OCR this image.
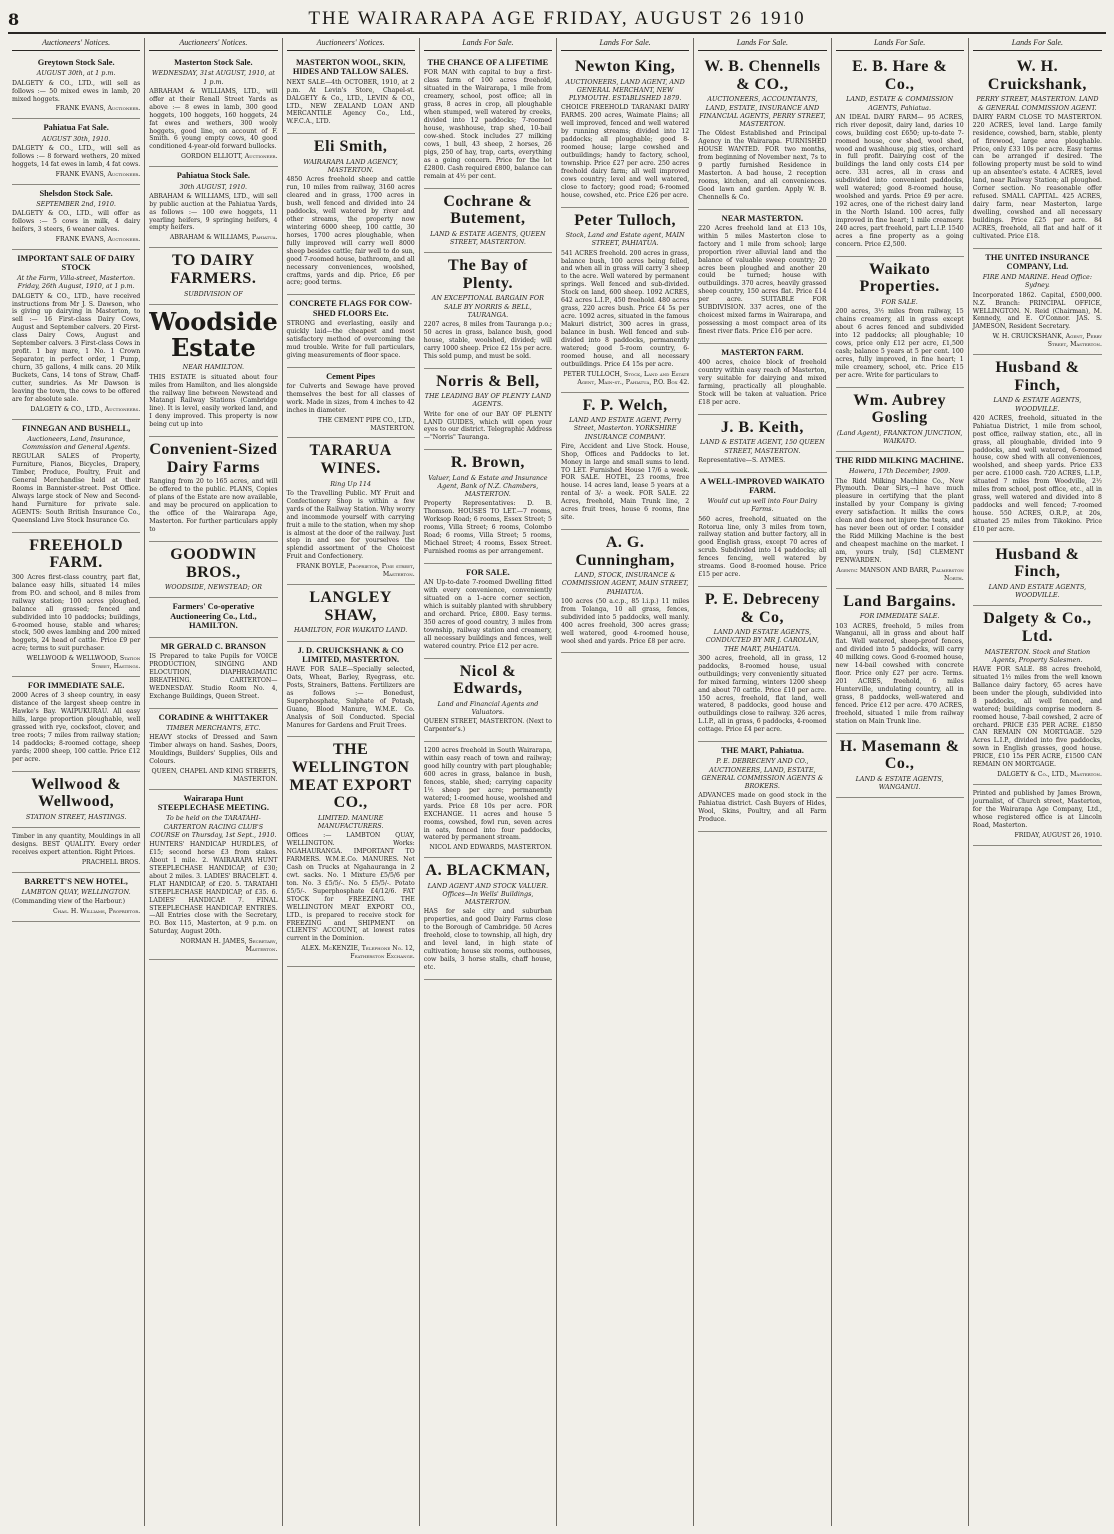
8	THE WAIRARAPA AGE FRIDAY, AUGUST 26 1910
Auctioneers' Notices.
Greytown Stock Sale.
AUGUST 30th, at 1 p.m.
DALGETY & CO., LTD., will sell as follows :— 50 mixed ewes in lamb, 20 mixed hoggets.
FRANK EVANS, Auctioneer.
Pahiatua Fat Sale.
AUGUST 30th, 1910.
DALGETY & CO., LTD., will sell as follows :— 8 forward wethers, 20 mixed hoggets, 14 fat ewes in lamb, 4 fat cows.
FRANK EVANS, Auctioneer.
Shelsdon Stock Sale.
SEPTEMBER 2nd, 1910.
DALGETY & CO., LTD., will offer as follows :— 5 cows in milk, 4 dairy heifers, 3 steers, 6 weaner calves.
FRANK EVANS, Auctioneer.
IMPORTANT SALE OF DAIRY STOCK
At the Farm, Villa-street, Masterton. Friday, 26th August, 1910, at 1 p.m.
DALGETY & CO., LTD., have received instructions from Mr J. S. Dawson, who is giving up dairying in Masterton, to sell :— 16 First-class Dairy Cows, August and September calvers. 20 First-class Dairy Cows, August and September calvers. 3 First-class Cows in profit. 1 bay mare, 1 No. 1 Crown Separator, in perfect order, 1 Pump, churn, 35 gallons, 4 milk cans. 20 Milk Buckets, Cans, 14 tons of Straw, Chaff-cutter, sundries. As Mr Dawson is leaving the town, the cows to be offered are for absolute sale.
DALGETY & CO., LTD., Auctioneers.
FINNEGAN AND BUSHELL,
Auctioneers, Land, Insurance, Commission and General Agents.
REGULAR SALES of Property, Furniture, Pianos, Bicycles, Drapery, Timber, Produce, Poultry, Fruit and General Merchandise held at their Rooms in Bannister-street. Post Office. Always large stock of New and Second-hand Furniture for private sale. AGENTS: South British Insurance Co., Queensland Live Stock Insurance Co.
FREEHOLD FARM.
300 Acres first-class country, part flat, balance easy hills, situated 14 miles from P.O. and school, and 8 miles from railway station; 100 acres ploughed, balance all grassed; fenced and subdivided into 10 paddocks; buildings, 6-roomed house, stable and whares; stock, 500 ewes lambing and 200 mixed hoggets, 24 head of cattle. Price £9 per acre; terms to suit purchaser.
WELLWOOD & WELLWOOD, Station Street, Hastings.
FOR IMMEDIATE SALE.
2000 Acres of 3 sheep country, in easy distance of the largest sheep centre in Hawke's Bay. WAIPUKURAU. All easy hills, large proportion ploughable, well grassed with rye, cocksfoot, clover, and tree roots; 7 miles from railway station; 14 paddocks; 8-roomed cottage, sheep yards; 2000 sheep, 100 cattle. Price £12 per acre.
Wellwood & Wellwood,
STATION STREET, HASTINGS.
Timber in any quantity, Mouldings in all designs. BEST QUALITY. Every order receives expert attention. Right Prices.
PRACHELL BROS.
BARRETT'S NEW HOTEL,
LAMBTON QUAY, WELLINGTON.
(Commanding view of the Harbour.)
Chas. H. Williams, Proprietor.
Auctioneers' Notices.
Masterton Stock Sale.
WEDNESDAY, 31st AUGUST, 1910, at 1 p.m.
ABRAHAM & WILLIAMS, LTD., will offer at their Renall Street Yards as above :— 8 ewes in lamb, 300 good hoggets, 100 hoggets, 160 hoggets, 24 fat ewes and wethers, 300 wooly hoggets, good line, on account of F. Smith. 6 young empty cows, 40 good conditioned 4-year-old forward bullocks.
GORDON ELLIOTT, Auctioneer.
Pahiatua Stock Sale.
30th AUGUST, 1910.
ABRAHAM & WILLIAMS, LTD., will sell by public auction at the Pahiatua Yards, as follows :— 100 ewe hoggets, 11 yearling heifers, 9 springing heifers, 4 empty heifers.
ABRAHAM & WILLIAMS, Pahiatua.
TO DAIRY FARMERS.
SUBDIVISION OF
Woodside Estate
NEAR HAMILTON.
THIS ESTATE is situated about four miles from Hamilton, and lies alongside the railway line between Newstead and Matangi Railway Stations (Cambridge line). It is level, easily worked land, and I deny improved. This property is now being cut up into
Convenient-Sized Dairy Farms
Ranging from 20 to 165 acres, and will be offered to the public. PLANS, Copies of plans of the Estate are now available, and may be procured on application to the office of the Wairarapa Age, Masterton. For further particulars apply to
GOODWIN BROS.,
WOODSIDE, NEWSTEAD; OR
Farmers' Co-operative Auctioneering Co., Ltd., HAMILTON.
MR GERALD C. BRANSON
IS Prepared to take Pupils for VOICE PRODUCTION, SINGING AND ELOCUTION, DIAPHRAGMATIC BREATHING. CARTERTON—WEDNESDAY. Studio Room No. 4, Exchange Buildings, Queen Street.
CORADINE & WHITTAKER
TIMBER MERCHANTS, ETC.
HEAVY stocks of Dressed and Sawn Timber always on hand. Sashes, Doors, Mouldings, Builders' Supplies, Oils and Colours.
QUEEN, CHAPEL AND KING STREETS, MASTERTON.
Wairarapa Hunt STEEPLECHASE MEETING.
To be held on the TARATAHI-CARTERTON RACING CLUB'S COURSE on Thursday, 1st Sept., 1910.
HUNTERS' HANDICAP HURDLES, of £15; second horse £3 from stakes. About 1 mile. 2. WAIRARAPA HUNT STEEPLECHASE HANDICAP, of £30; about 2 miles. 3. LADIES' BRACELET. 4. FLAT HANDICAP, of £20. 5. TARATAHI STEEPLECHASE HANDICAP, of £35. 6. LADIES' HANDICAP. 7. FINAL STEEPLECHASE HANDICAP. ENTRIES.—All Entries close with the Secretary, P.O. Box 115, Masterton, at 9 p.m. on Saturday, August 20th.
NORMAN H. JAMES, Secretary, Masterton.
Auctioneers' Notices.
MASTERTON WOOL, SKIN, HIDES AND TALLOW SALES.
NEXT SALE—4th OCTOBER, 1910, at 2 p.m. At Levin's Store, Chapel-st. DALGETY & Co., LTD., LEVIN & CO., LTD., NEW ZEALAND LOAN AND MERCANTILE Agency Co., Ltd., W.F.C.A., LTD.
Eli Smith,
WAIRARAPA LAND AGENCY, MASTERTON.
4850 Acres freehold sheep and cattle run, 10 miles from railway, 3160 acres cleared and in grass, 1700 acres in bush, well fenced and divided into 24 paddocks, well watered by river and other streams, the property now wintering 6000 sheep, 100 cattle, 30 horses, 1700 acres ploughable, when fully improved will carry well 8000 sheep besides cattle; fair well to do sun, good 7-roomed house, bathroom, and all necessary conveniences, woolshed, craftms, yards and dip. Price, £6 per acre; good terms.
CONCRETE FLAGS FOR COW-SHED FLOORS Etc.
STRONG and everlasting, easily and quickly laid—the cheapest and most satisfactory method of overcoming the mud trouble. Write for full particulars, giving measurements of floor space.
Cement Pipes
for Culverts and Sewage have proved themselves the best for all classes of work. Made in sizes, from 4 inches to 42 inches in diameter.
THE CEMENT PIPE CO., LTD., MASTERTON.
TARARUA WINES.
Ring Up 114
To the Travelling Public. MY Fruit and Confectionery Shop is within a few yards of the Railway Station. Why worry and incommode yourself with carrying fruit a mile to the station, when my shop is almost at the door of the railway. Just step in and see for yourselves the splendid assortment of the Choicest Fruit and Confectionery.
FRANK BOYLE, Proprietor, Pine street, Masterton.
LANGLEY SHAW,
HAMILTON, FOR WAIKATO LAND.
J. D. CRUICKSHANK & CO LIMITED, MASTERTON.
HAVE FOR SALE—Specially selected, Oats, Wheat, Barley, Ryegrass, etc. Posts, Strainers, Battens. Fertilizers are as follows :— Bonedust, Superphosphate, Sulphate of Potash, Guano, Blood Manure, W.M.E. Co. Analysis of Soil Conducted. Special Manures for Gardens and Fruit Trees.
THE WELLINGTON MEAT EXPORT CO.,
LIMITED. MANURE MANUFACTURERS.
Offices :— LAMBTON QUAY, WELLINGTON. Works: NGAHAURANGA. IMPORTANT TO FARMERS. W.M.E.Co. MANURES. Net Cash on Trucks at Ngahauranga in 2 cwt. sacks. No. 1 Mixture £5/5/6 per ton. No. 3 £5/5/-. No. 5 £5/5/-. Potato £5/5/-. Superphosphate £4/12/6. FAT STOCK for FREEZING. THE WELLINGTON MEAT EXPORT CO., LTD., is prepared to receive stock for FREEZING and SHIPMENT on CLIENTS' ACCOUNT, at lowest rates current in the Dominion.
ALEX. McKENZIE, Telephone No. 12, Featherston Exchange.
Lands For Sale.
THE CHANCE OF A LIFETIME
FOR MAN with capital to buy a first-class farm of 100 acres freehold, situated in the Wairarapa, 1 mile from creamery, school, post office; all in grass, 8 acres in crop, all ploughable when stumped, well watered by creeks, divided into 12 paddocks; 7-roomed house, washhouse, trap shed, 10-bail cow-shed. Stock includes 27 milking cows, 1 bull, 43 sheep, 2 horses, 26 pigs, 250 of hay, trap, carts, everything as a going concern. Price for the lot £2800. Cash required £800, balance can remain at 4½ per cent.
Cochrane & Butement,
LAND & ESTATE AGENTS, QUEEN STREET, MASTERTON.
The Bay of Plenty.
AN EXCEPTIONAL BARGAIN FOR SALE BY NORRIS & BELL, TAURANGA.
2207 acres, 8 miles from Tauranga p.o.; 50 acres in grass, balance bush, good house, stable, woolshed, divided; will carry 1000 sheep. Price £2 15s per acre. This sold pump, and must be sold.
Norris & Bell,
THE LEADING BAY OF PLENTY LAND AGENTS.
Write for one of our BAY OF PLENTY LAND GUIDES, which will open your eyes to our district. Telegraphic Address—"Norris" Tauranga.
R. Brown,
Valuer, Land & Estate and Insurance Agent, Bank of N.Z. Chambers, MASTERTON.
Property Representatives: D. B. Thomson. HOUSES TO LET.—7 rooms, Worksop Road; 6 rooms, Essex Street; 5 rooms, Villa Street; 6 rooms, Colombo Road; 6 rooms, Villa Street; 5 rooms, Michael Street; 4 rooms, Essex Street. Furnished rooms as per arrangement.
FOR SALE.
AN Up-to-date 7-roomed Dwelling fitted with every convenience, conveniently situated on a 1-acre corner section, which is suitably planted with shrubbery and orchard. Price, £800. Easy terms. 350 acres of good country, 3 miles from township, railway station and creamery, all necessary buildings and fences, well watered country. Price £12 per acre.
Nicol & Edwards,
Land and Financial Agents and Valuators.
QUEEN STREET, MASTERTON. (Next to Carpenter's.)
1200 acres freehold in South Wairarapa, within easy reach of town and railway; good hilly country with part ploughable; 600 acres in grass, balance in bush, fences, stable, shed; carrying capacity 1½ sheep per acre; permanently watered; 1-roomed house, woolshed and yards. Price £8 10s per acre. FOR EXCHANGE. 11 acres and house 5 rooms, cowshed, fowl run, seven acres in oats, fenced into four paddocks, watered by permanent stream.
NICOL AND EDWARDS, MASTERTON.
A. BLACKMAN,
LAND AGENT AND STOCK VALUER. Offices—In Wells' Buildings, MASTERTON.
HAS for sale city and suburban properties, and good Dairy Farms close to the Borough of Cambridge. 50 Acres freehold, close to township, all high, dry and level land, in high state of cultivation; house six rooms, outhouses, cow bails, 3 horse stalls, chaff house, etc.
Lands For Sale.
Newton King,
AUCTIONEERS, LAND AGENT, AND GENERAL MERCHANT, NEW PLYMOUTH. ESTABLISHED 1879.
CHOICE FREEHOLD TARANAKI DAIRY FARMS. 200 acres, Waimate Plains; all well improved, fenced and well watered by running streams; divided into 12 paddocks; all ploughable; good 8-roomed house; large cowshed and outbuildings; handy to factory, school, township. Price £27 per acre. 250 acres freehold dairy farm; all well improved cows country; level and well watered, close to factory; good road; 6-roomed house, cowshed, etc. Price £26 per acre.
Peter Tulloch,
Stock, Land and Estate agent, MAIN STREET, PAHIATUA.
541 ACRES freehold. 200 acres in grass, balance bush, 100 acres being felled, and when all in grass will carry 3 sheep to the acre. Well watered by permanent springs. Well fenced and sub-divided. Stock on land, 600 sheep. 1092 ACRES, 642 acres L.I.P., 450 freehold. 480 acres grass, 220 acres bush. Price £4 5s per acre. 1092 acres, situated in the famous Makuri district, 300 acres in grass, balance in bush. Well fenced and sub-divided into 8 paddocks, permanently watered; good 5-room country, 6-roomed house, and all necessary outbuildings. Price £4 15s per acre.
PETER TULLOCH, Stock, Land and Estate Agent, Main-st., Pahiatua, P.O. Box 42.
F. P. Welch,
LAND AND ESTATE AGENT, Perry Street, Masterton. YORKSHIRE INSURANCE COMPANY.
Fire, Accident and Live Stock. House, Shop, Offices and Paddocks to let. Money in large and small sums to lend. TO LET. Furnished House 17/6 a week. FOR SALE. HOTEL, 23 rooms, free house. 14 acres land, lease 5 years at a rental of 3/- a week. FOR SALE. 22 Acres, freehold, Main Trunk line, 2 acres fruit trees, house 6 rooms, fine site.
A. G. Cunningham,
LAND, STOCK, INSURANCE & COMMISSION AGENT, MAIN STREET, PAHIATUA.
100 acres (50 a.c.p., 85 l.i.p.) 11 miles from Tolanga, 10 all grass, fences, subdivided into 5 paddocks, well manly. 400 acres freehold, 300 acres grass; well watered, good 4-roomed house, wool shed and yards. Price £8 per acre.
Lands For Sale.
W. B. Chennells & CO.,
AUCTIONEERS, ACCOUNTANTS, LAND, ESTATE, INSURANCE AND FINANCIAL AGENTS, PERRY STREET, MASTERTON.
The Oldest Established and Principal Agency in the Wairarapa. FURNISHED HOUSE WANTED. FOR two months, from beginning of November next, 7s to 9 partly furnished Residence in Masterton. A bad house, 2 reception rooms, kitchen, and all conveniences. Good lawn and garden. Apply W. B. Chennells & Co.
NEAR MASTERTON.
220 Acres freehold land at £13 10s, within 5 miles Masterton close to factory and 1 mile from school; large proportion river alluvial land and the balance of valuable sweep country; 20 acres been ploughed and another 20 could be turned; house with outbuildings. 370 acres, heavily grassed sheep country, 150 acres flat. Price £14 per acre. SUITABLE FOR SUBDIVISION. 337 acres, one of the choicest mixed farms in Wairarapa, and possessing a most compact area of its finest river flats. Price £16 per acre.
MASTERTON FARM.
400 acres, choice block of freehold country within easy reach of Masterton, very suitable for dairying and mixed farming, practically all ploughable. Stock will be taken at valuation. Price £18 per acre.
J. B. Keith,
LAND & ESTATE AGENT, 150 QUEEN STREET, MASTERTON.
Representative—S. AYMES.
A WELL-IMPROVED WAIKATO FARM.
Would cut up well into Four Dairy Farms.
560 acres, freehold, situated on the Rotorua line, only 3 miles from town, railway station and butter factory, all in good English grass, except 70 acres of scrub. Subdivided into 14 paddocks; all fences fencing, well watered by streams. Good 8-roomed house. Price £15 per acre.
P. E. Debreceny & Co,
LAND AND ESTATE AGENTS, CONDUCTED BY MR J. CAROLAN, THE MART, PAHIATUA.
300 acres, freehold, all in grass, 12 paddocks, 8-roomed house, usual outbuildings; very conveniently situated for mixed farming, winters 1200 sheep and about 70 cattle. Price £10 per acre. 150 acres, freehold, flat land, well watered, 8 paddocks, good house and outbuildings close to railway. 326 acres, L.I.P., all in grass, 6 paddocks, 4-roomed cottage. Price £4 per acre.
THE MART, Pahiatua.
P. E. DEBRECENY AND CO., AUCTIONEERS, LAND, ESTATE, GENERAL COMMISSION AGENTS & BROKERS.
ADVANCES made on good stock in the Pahiatua district. Cash Buyers of Hides, Wool, Skins, Poultry, and all Farm Produce.
Lands For Sale.
E. B. Hare & Co.,
LAND, ESTATE & COMMISSION AGENTS, Pahiatua.
AN IDEAL DAIRY FARM— 95 ACRES, rich river deposit, dairy land, daries 10 cows, building cost £650; up-to-date 7-roomed house, cow shed, wool shed, wood and washhouse, pig sties, orchard in full profit. Dairying cost of the buildings the land only costs £14 per acre. 331 acres, all in crass and subdivided into convenient paddocks, well watered; good 8-roomed house, woolshed and yards. Price £9 per acre. 192 acres, one of the richest dairy land in the North Island. 100 acres, fully improved in fine heart; 1 mile creamery. 240 acres, part freehold, part L.I.P. 1540 acres a fine property as a going concern. Price £2,500.
Waikato Properties.
FOR SALE.
200 acres, 3½ miles from railway, 15 chains creamery, all in grass except about 6 acres fenced and subdivided into 12 paddocks; all ploughable; 10 cows, price only £12 per acre, £1,500 cash; balance 5 years at 5 per cent. 100 acres, fully improved, in fine heart; 1 mile creamery, school, etc. Price £15 per acre. Write for particulars to
Wm. Aubrey Gosling
(Land Agent), FRANKTON JUNCTION, WAIKATO.
THE RIDD MILKING MACHINE.
Hawera, 17th December, 1909.
The Ridd Milking Machine Co., New Plymouth. Dear Sirs,—I have much pleasure in certifying that the plant installed by your Company is giving every satisfaction. It milks the cows clean and does not injure the teats, and has never been out of order. I consider the Ridd Milking Machine is the best and cheapest machine on the market. I am, yours truly, [Sd] CLEMENT PENWARDEN.
Agents: MANSON AND BARR, Palmerston North.
Land Bargains.
FOR IMMEDIATE SALE.
103 ACRES, freehold, 5 miles from Wanganui, all in grass and about half flat. Well watered, sheep-proof fences, and divided into 5 paddocks, will carry 40 milking cows. Good 6-roomed house, new 14-bail cowshed with concrete floor. Price only £27 per acre. Terms. 201 ACRES, freehold, 6 miles Hunterville, undulating country, all in grass, 8 paddocks, well-watered and fenced. Price £12 per acre. 470 ACRES, freehold, situated 1 mile from railway station on Main Trunk line.
H. Masemann & Co.,
LAND & ESTATE AGENTS, WANGANUI.
Lands For Sale.
W. H. Cruickshank,
PERRY STREET, MASTERTON. LAND & GENERAL COMMISSION AGENT.
DAIRY FARM CLOSE TO MASTERTON. 220 ACRES, level land. Large family residence, cowshed, barn, stable, plenty of firewood, large area ploughable. Price, only £33 10s per acre. Easy terms can be arranged if desired. The following property must be sold to wind up an absentee's estate. 4 ACRES, level land, near Railway Station; all ploughed. Corner section. No reasonable offer refused. SMALL CAPITAL. 425 ACRES, dairy farm, near Masterton, large dwelling, cowshed and all necessary buildings. Price £25 per acre. 84 ACRES, freehold, all flat and half of it cultivated. Price £18.
THE UNITED INSURANCE COMPANY, Ltd.
FIRE AND MARINE. Head Office: Sydney.
Incorporated 1862. Capital, £500,000. N.Z. Branch: PRINCIPAL OFFICE, WELLINGTON. N. Reid (Chairman), M. Kennedy, and E. O'Connor. JAS. S. JAMESON, Resident Secretary.
W. H. CRUICKSHANK, Agent, Perry Street, Masterton.
Husband & Finch,
LAND & ESTATE AGENTS, WOODVILLE.
420 ACRES, freehold, situated in the Pahiatua District, 1 mile from school, post office, railway station, etc., all in grass, all ploughable, divided into 9 paddocks, and well watered, 6-roomed house, cow shed with all conveniences, woolshed, and sheep yards. Price £33 per acre. £1000 cash. 720 ACRES, L.I.P., situated 7 miles from Woodville, 2½ miles from school, post office, etc., all in grass, well watered and divided into 8 paddocks and well fenced; 7-roomed house. 550 ACRES, O.R.P., at 20s, situated 25 miles from Tikokino. Price £10 per acre.
Husband & Finch,
LAND AND ESTATE AGENTS, WOODVILLE.
Dalgety & Co., Ltd.
MASTERTON. Stock and Station Agents, Property Salesmen.
HAVE FOR SALE. 88 acres freehold, situated 1½ miles from the well known Ballance dairy factory, 65 acres have been under the plough, subdivided into 8 paddocks, all well fenced, and watered; buildings comprise modern 8-roomed house, 7-bail cowshed, 2 acre of orchard. PRICE £35 PER ACRE. £1850 CAN REMAIN ON MORTGAGE. 529 Acres L.I.P., divided into five paddocks, sown in English grasses, good house. PRICE, £10 15s PER ACRE, £1500 CAN REMAIN ON MORTGAGE.
DALGETY & Co., LTD., Masterton.
Printed and published by James Brown, journalist, of Church street, Masterton, for the Wairarapa Age Company, Ltd., whose registered office is at Lincoln Road, Masterton.
FRIDAY, AUGUST 26, 1910.
